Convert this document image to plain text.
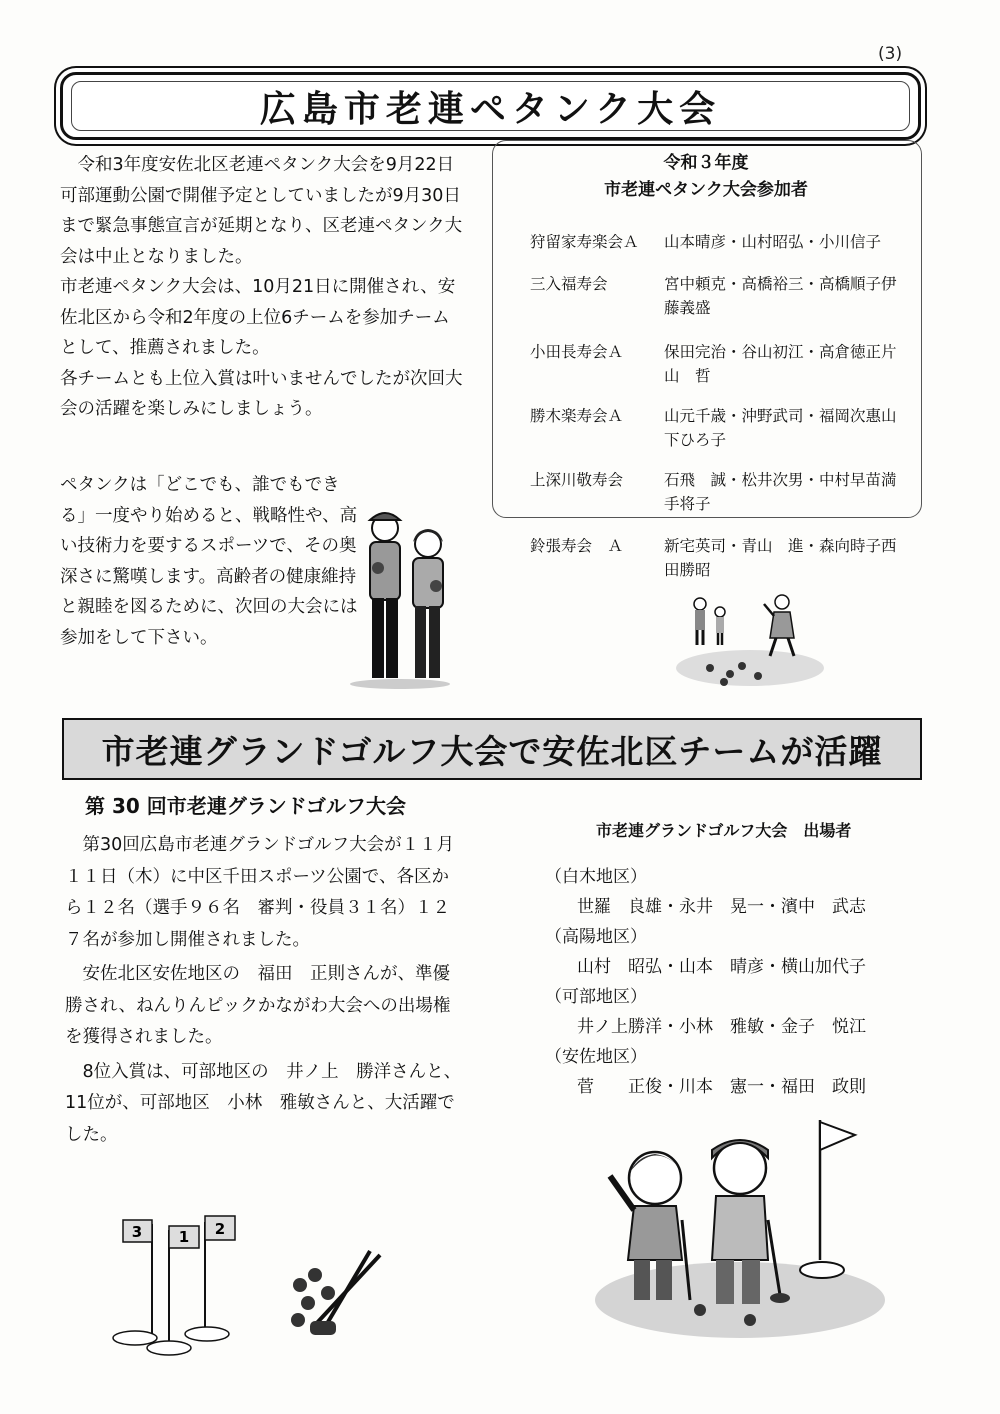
(3)
広島市老連ペタンク大会
令和3年度安佐北区老連ペタンク大会を9月22日可部運動公園で開催予定としていましたが9月30日まで緊急事態宣言が延期となり、区老連ペタンク大会は中止となりました。
市老連ペタンク大会は、10月21日に開催され、安佐北区から令和2年度の上位6チームを参加チームとして、推薦されました。
各チームとも上位入賞は叶いませんでしたが次回大会の活躍を楽しみにしましょう。
ペタンクは「どこでも、誰でもできる」一度やり始めると、戦略性や、高い技術力を要するスポーツで、その奥深さに驚嘆します。高齢者の健康維持と親睦を図るために、次回の大会には参加をして下さい。
令和３年度
市老連ペタンク大会参加者
狩留家寿楽会Ａ	山本晴彦・山村昭弘・小川信子
三入福寿会	宮中頼克・高橋裕三・高橋順子伊藤義盛
小田長寿会Ａ	保田完治・谷山初江・高倉徳正片山　哲
勝木楽寿会Ａ	山元千歳・沖野武司・福岡次惠山下ひろ子
上深川敬寿会	石飛　誠・松井次男・中村早苗満手将子
鈴張寿会　Ａ	新宅英司・青山　進・森向時子西田勝昭
市老連グランドゴルフ大会で安佐北区チームが活躍
第 30 回市老連グランドゴルフ大会
第30回広島市老連グランドゴルフ大会が１１月１１日（木）に中区千田スポーツ公園で、各区から１２名（選手９６名　審判・役員３１名）１２７名が参加し開催されました。
安佐北区安佐地区の　福田　正則さんが、準優勝され、ねんりんピックかながわ大会への出場権を獲得されました。
8位入賞は、可部地区の　井ノ上　勝洋さんと、11位が、可部地区　小林　雅敏さんと、大活躍でした。
市老連グランドゴルフ大会　出場者
（白木地区）
世羅　良雄・永井　晃一・濱中　武志
（高陽地区）
山村　昭弘・山本　晴彦・横山加代子
（可部地区）
井ノ上勝洋・小林　雅敏・金子　悦江
（安佐地区）
菅　　正俊・川本　憲一・福田　政則
3	2
1
